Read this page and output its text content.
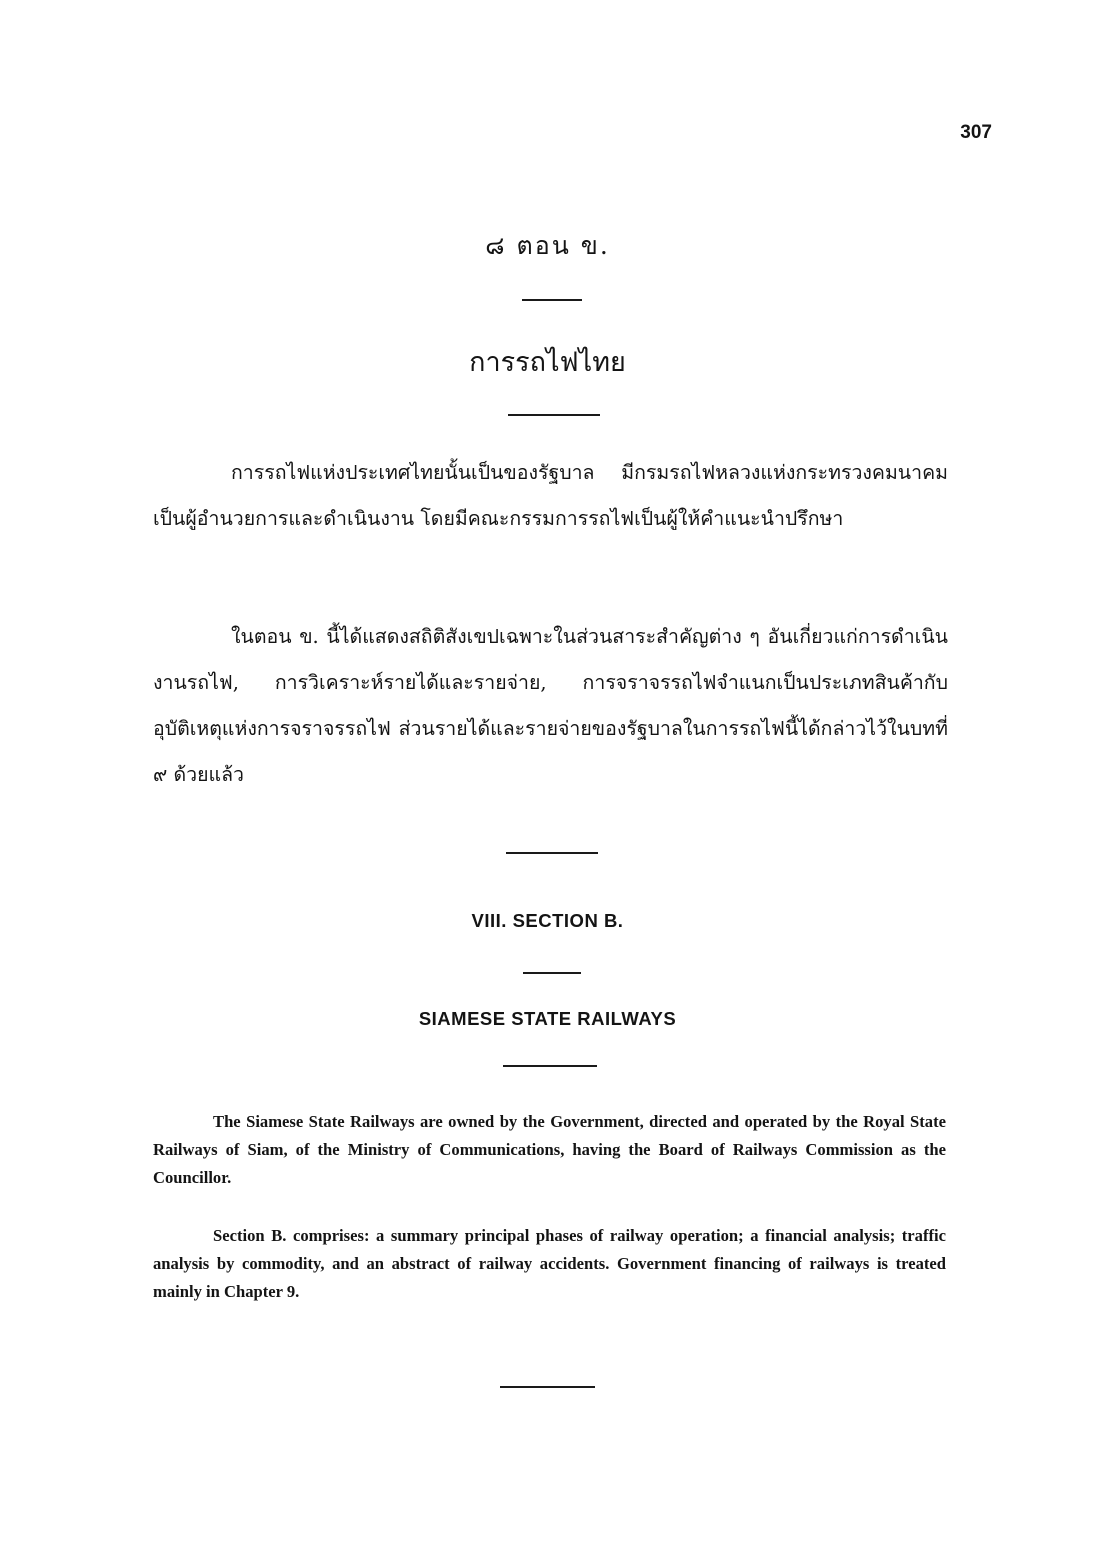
307
๘ ตอน ข.
การรถไฟไทย
การรถไฟแห่งประเทศไทยนั้นเป็นของรัฐบาล มีกรมรถไฟหลวงแห่งกระทรวงคมนาคมเป็นผู้อำนวยการและดำเนินงาน โดยมีคณะกรรมการรถไฟเป็นผู้ให้คำแนะนำปรึกษา
ในตอน ข. นี้ได้แสดงสถิติสังเขปเฉพาะในส่วนสาระสำคัญต่าง ๆ อันเกี่ยวแก่การดำเนินงานรถไฟ, การวิเคราะห์รายได้และรายจ่าย, การจราจรรถไฟจำแนกเป็นประเภทสินค้ากับอุบัติเหตุแห่งการจราจรรถไฟ ส่วนรายได้และรายจ่ายของรัฐบาลในการรถไฟนี้ได้กล่าวไว้ในบทที่ ๙ ด้วยแล้ว
VIII. SECTION B.
SIAMESE STATE RAILWAYS
The Siamese State Railways are owned by the Government, directed and operated by the Royal State Railways of Siam, of the Ministry of Communications, having the Board of Railways Commission as the Councillor.
Section B. comprises: a summary principal phases of railway operation; a financial analysis; traffic analysis by commodity, and an abstract of railway accidents. Government financing of railways is treated mainly in Chapter 9.
